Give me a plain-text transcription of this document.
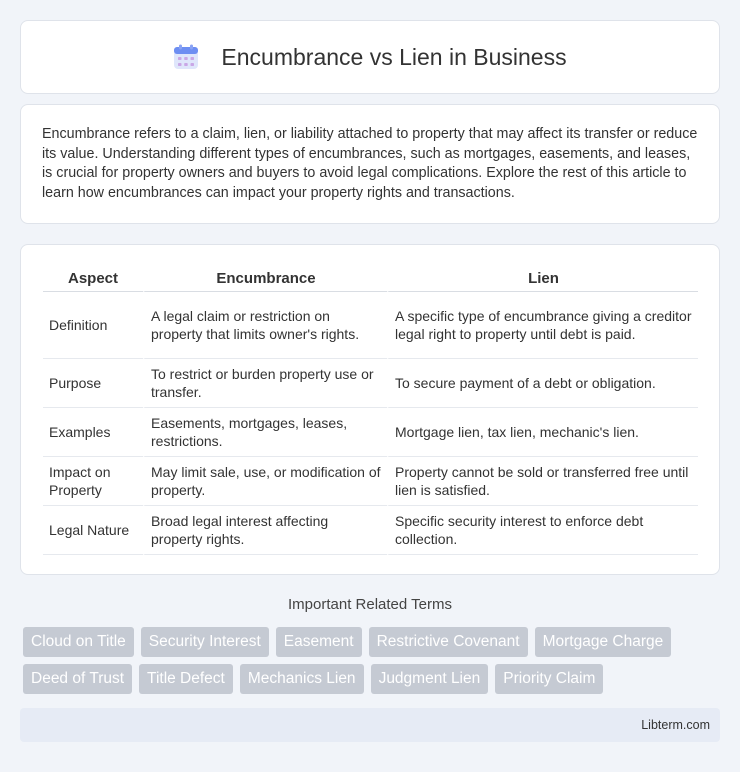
Encumbrance vs Lien in Business

Encumbrance refers to a claim, lien, or liability attached to property that may affect its transfer or reduce its value. Understanding different types of encumbrances, such as mortgages, easements, and leases, is crucial for property owners and buyers to avoid legal complications. Explore the rest of this article to learn how encumbrances can impact your property rights and transactions.

Aspect	Encumbrance	Lien
Definition	A legal claim or restriction on property that limits owner's rights.	A specific type of encumbrance giving a creditor legal right to property until debt is paid.
Purpose	To restrict or burden property use or transfer.	To secure payment of a debt or obligation.
Examples	Easements, mortgages, leases, restrictions.	Mortgage lien, tax lien, mechanic's lien.
Impact on Property	May limit sale, use, or modification of property.	Property cannot be sold or transferred free until lien is satisfied.
Legal Nature	Broad legal interest affecting property rights.	Specific security interest to enforce debt collection.
Important Related Terms
Cloud on Title	Security Interest	Easement	Restrictive Covenant	Mortgage Charge
Deed of Trust	Title Defect	Mechanics Lien	Judgment Lien	Priority Claim
Libterm.com
